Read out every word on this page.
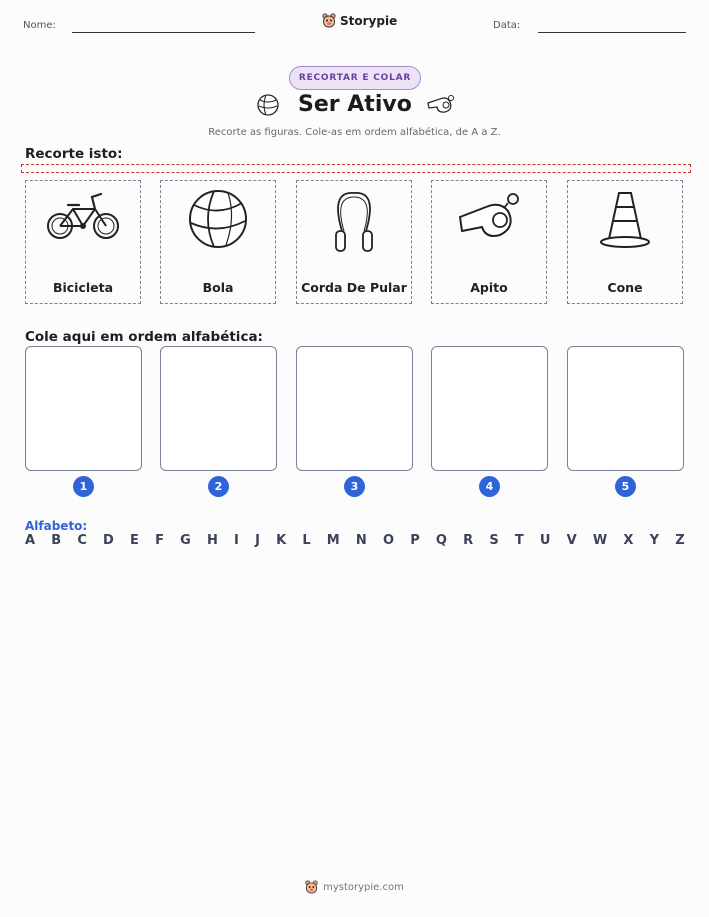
Nome:	Storypie	Data:
RECORTAR E COLAR
Ser Ativo
Recorte as figuras. Cole-as em ordem alfabética, de A a Z.
Recorte isto:
Bicicleta	Bola	Corda De Pular	Apito	Cone
Cole aqui em ordem alfabética:
1	2	3	4	5
Alfabeto:
A B C D E F G H I J K L M N O P Q R S T U V W X Y Z
mystorypie.com
